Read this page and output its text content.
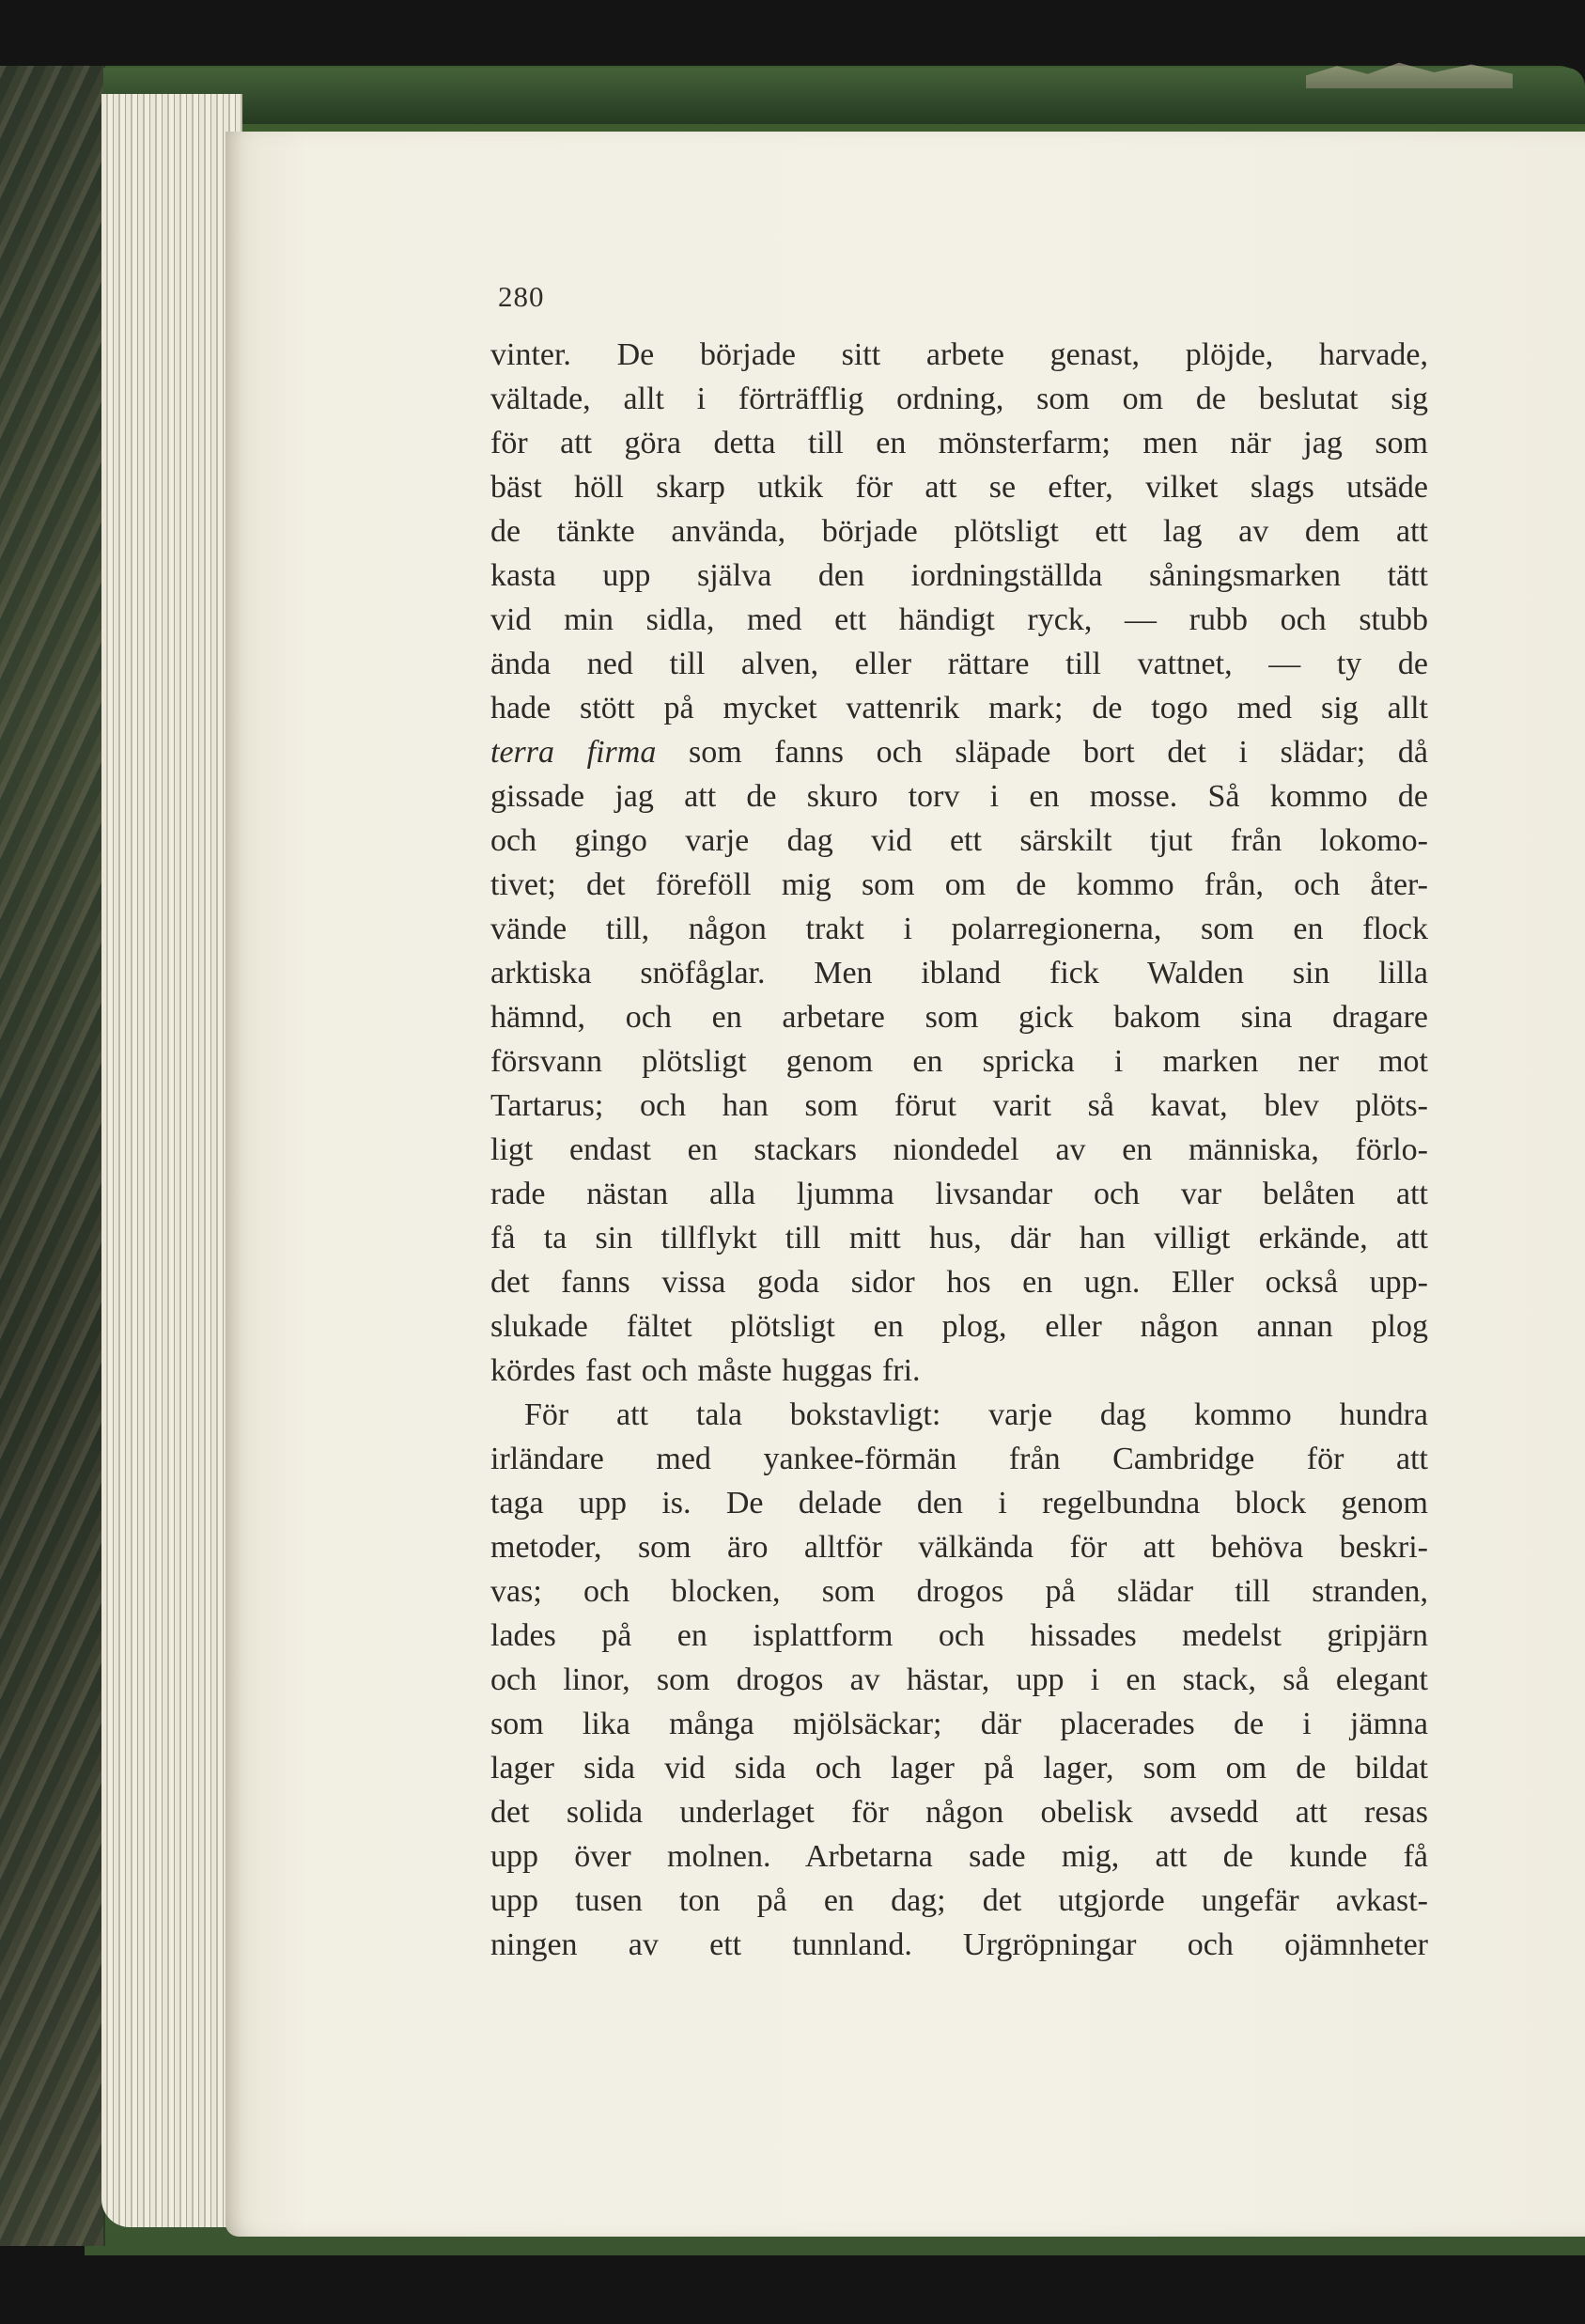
280
vinter. De började sitt arbete genast, plöjde, harvade,
vältade, allt i förträfflig ordning, som om de beslutat sig
för att göra detta till en mönsterfarm; men när jag som
bäst höll skarp utkik för att se efter, vilket slags utsäde
de tänkte använda, började plötsligt ett lag av dem att
kasta upp själva den iordningställda såningsmarken tätt
vid min sidla, med ett händigt ryck, — rubb och stubb
ända ned till alven, eller rättare till vattnet, — ty de
hade stött på mycket vattenrik mark; de togo med sig allt
terra firma som fanns och släpade bort det i slädar; då
gissade jag att de skuro torv i en mosse. Så kommo de
och gingo varje dag vid ett särskilt tjut från lokomo-
tivet; det föreföll mig som om de kommo från, och åter-
vände till, någon trakt i polarregionerna, som en flock
arktiska snöfåglar. Men ibland fick Walden sin lilla
hämnd, och en arbetare som gick bakom sina dragare
försvann plötsligt genom en spricka i marken ner mot
Tartarus; och han som förut varit så kavat, blev plöts-
ligt endast en stackars niondedel av en människa, förlo-
rade nästan alla ljumma livsandar och var belåten att
få ta sin tillflykt till mitt hus, där han villigt erkände, att
det fanns vissa goda sidor hos en ugn. Eller också upp-
slukade fältet plötsligt en plog, eller någon annan plog
kördes fast och måste huggas fri.
För att tala bokstavligt: varje dag kommo hundra
irländare med yankee-förmän från Cambridge för att
taga upp is. De delade den i regelbundna block genom
metoder, som äro alltför välkända för att behöva beskri-
vas; och blocken, som drogos på slädar till stranden,
lades på en isplattform och hissades medelst gripjärn
och linor, som drogos av hästar, upp i en stack, så elegant
som lika många mjölsäckar; där placerades de i jämna
lager sida vid sida och lager på lager, som om de bildat
det solida underlaget för någon obelisk avsedd att resas
upp över molnen. Arbetarna sade mig, att de kunde få
upp tusen ton på en dag; det utgjorde ungefär avkast-
ningen av ett tunnland. Urgröpningar och ojämnheter
